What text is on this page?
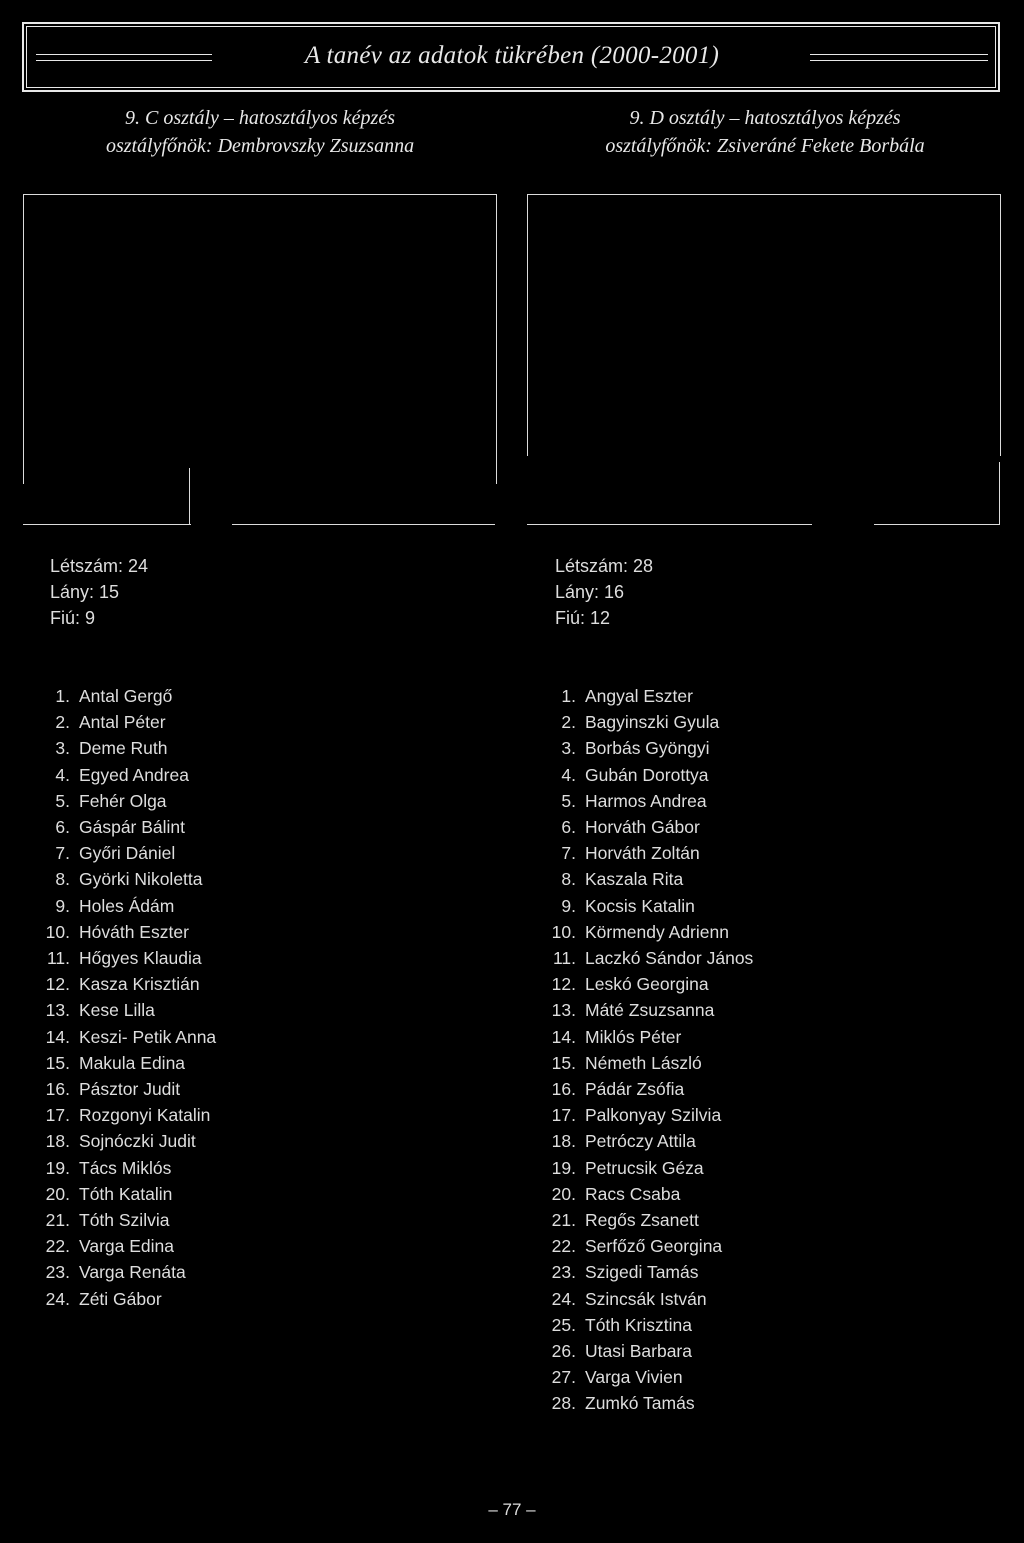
A tanév az adatok tükrében (2000-2001)
9. C osztály – hatosztályos képzés
osztályfőnök: Dembrovszky Zsuzsanna
9. D osztály – hatosztályos képzés
osztályfőnök: Zsiveráné Fekete Borbála
Létszám: 24
Lány: 15
Fiú: 9
Létszám: 28
Lány: 16
Fiú: 12
1. Antal Gergő
2. Antal Péter
3. Deme Ruth
4. Egyed Andrea
5. Fehér Olga
6. Gáspár Bálint
7. Győri Dániel
8. Györki Nikoletta
9. Holes Ádám
10. Hóváth Eszter
11. Hőgyes Klaudia
12. Kasza Krisztián
13. Kese Lilla
14. Keszi- Petik Anna
15. Makula Edina
16. Pásztor Judit
17. Rozgonyi Katalin
18. Sojnóczki Judit
19. Tács Miklós
20. Tóth Katalin
21. Tóth Szilvia
22. Varga Edina
23. Varga Renáta
24. Zéti Gábor
1. Angyal Eszter
2. Bagyinszki Gyula
3. Borbás Gyöngyi
4. Gubán Dorottya
5. Harmos Andrea
6. Horváth Gábor
7. Horváth Zoltán
8. Kaszala Rita
9. Kocsis Katalin
10. Körmendy Adrienn
11. Laczkó Sándor János
12. Leskó Georgina
13. Máté Zsuzsanna
14. Miklós Péter
15. Németh László
16. Pádár Zsófia
17. Palkonyay Szilvia
18. Petróczy Attila
19. Petrucsik Géza
20. Racs Csaba
21. Regős Zsanett
22. Serfőző Georgina
23. Szigedi Tamás
24. Szincsák István
25. Tóth Krisztina
26. Utasi Barbara
27. Varga Vivien
28. Zumkó Tamás
– 77 –
